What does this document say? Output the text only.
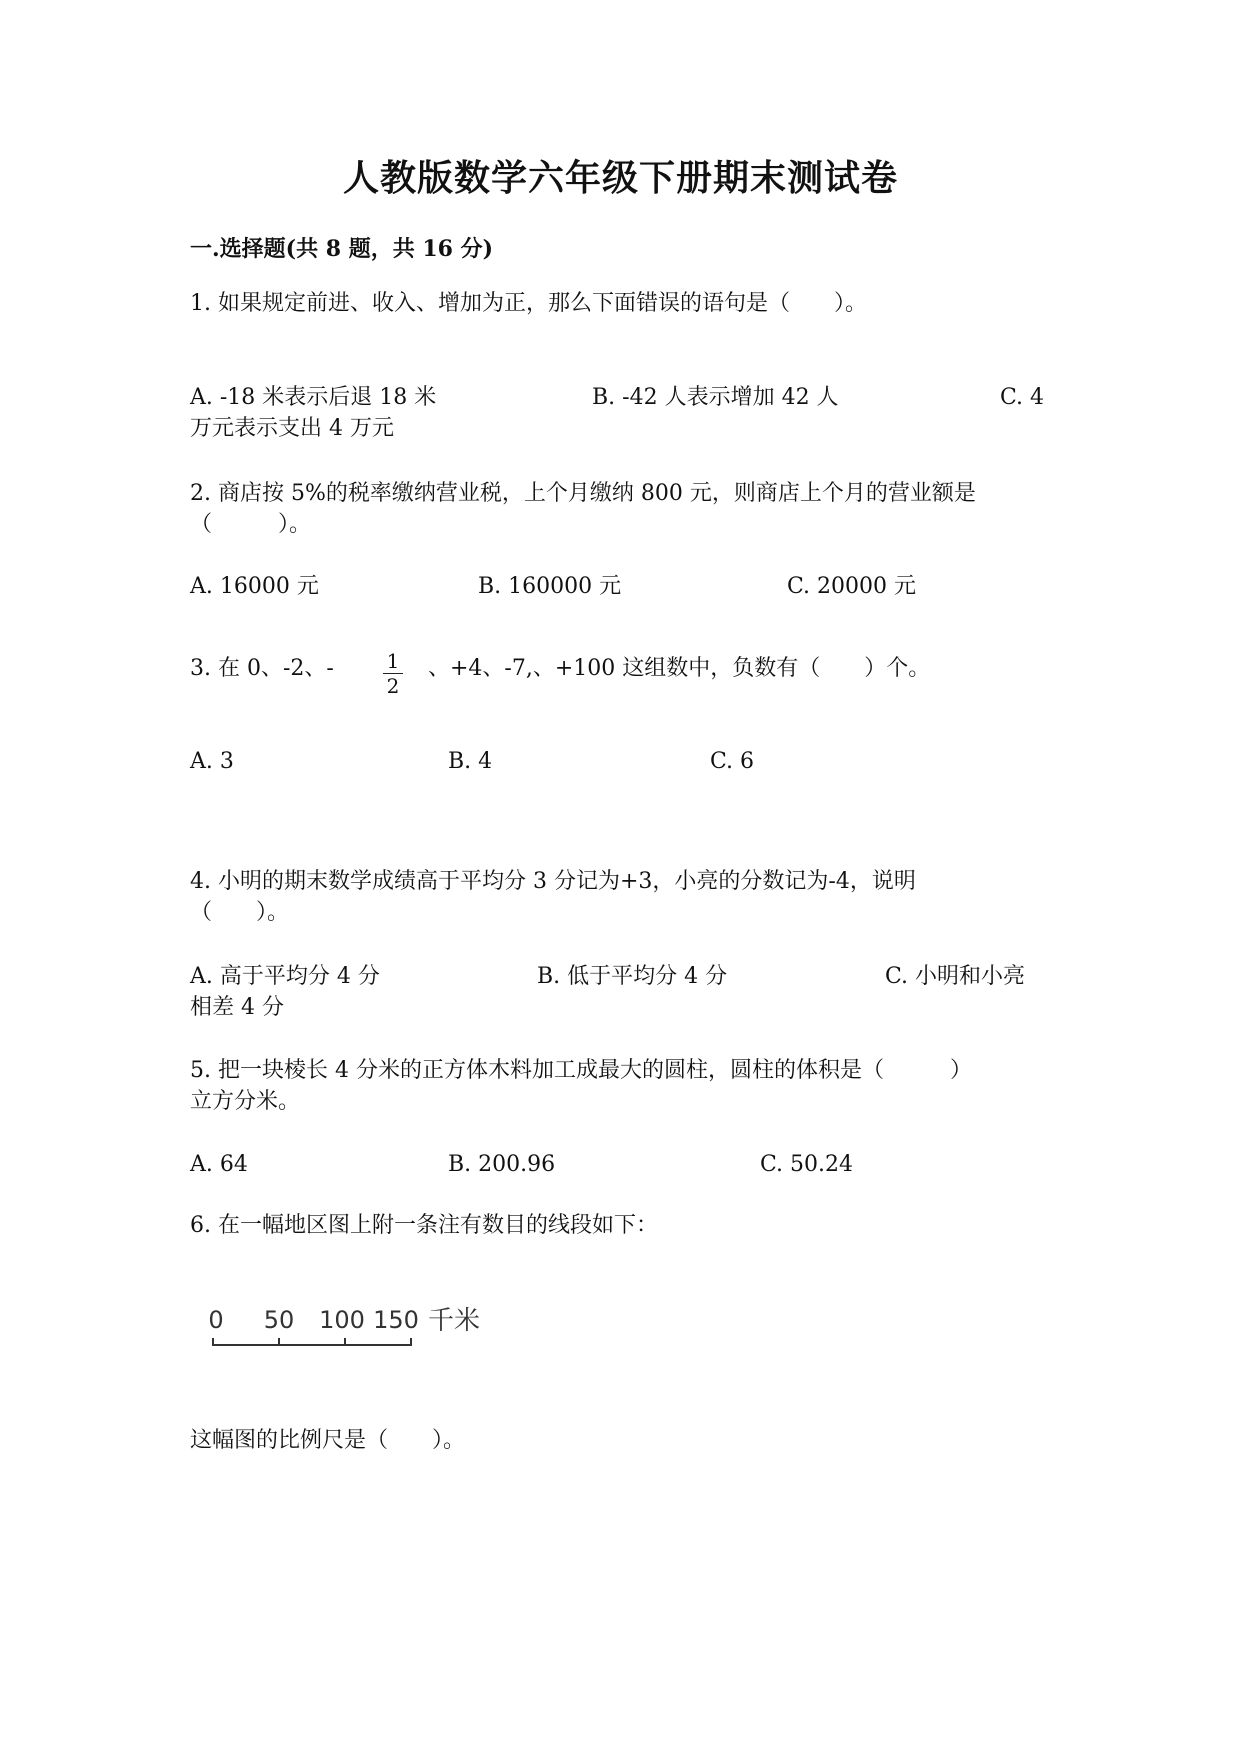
人教版数学六年级下册期末测试卷
一.选择题(共 8 题，共 16 分)
1. 如果规定前进、收入、增加为正，那么下面错误的语句是（　　）。
A. -18 米表示后退 18 米	B. -42 人表示增加 42 人	C. 4
万元表示支出 4 万元
2. 商店按 5%的税率缴纳营业税，上个月缴纳 800 元，则商店上个月的营业额是
（　　　）。
A. 16000 元	B. 160000 元	C. 20000 元
3. 在 0、-2、-	1
2
、+4、-7,、+100 这组数中，负数有（　　）个。
A. 3	B. 4	C. 6
4. 小明的期末数学成绩高于平均分 3 分记为+3，小亮的分数记为-4，说明
（　　）。
A. 高于平均分 4 分	B. 低于平均分 4 分	C. 小明和小亮
相差 4 分
5. 把一块棱长 4 分米的正方体木料加工成最大的圆柱，圆柱的体积是（　　　）
立方分米。
A. 64	B. 200.96	C. 50.24
6. 在一幅地区图上附一条注有数目的线段如下：
0 50 100 150 千米
这幅图的比例尺是（　　）。
